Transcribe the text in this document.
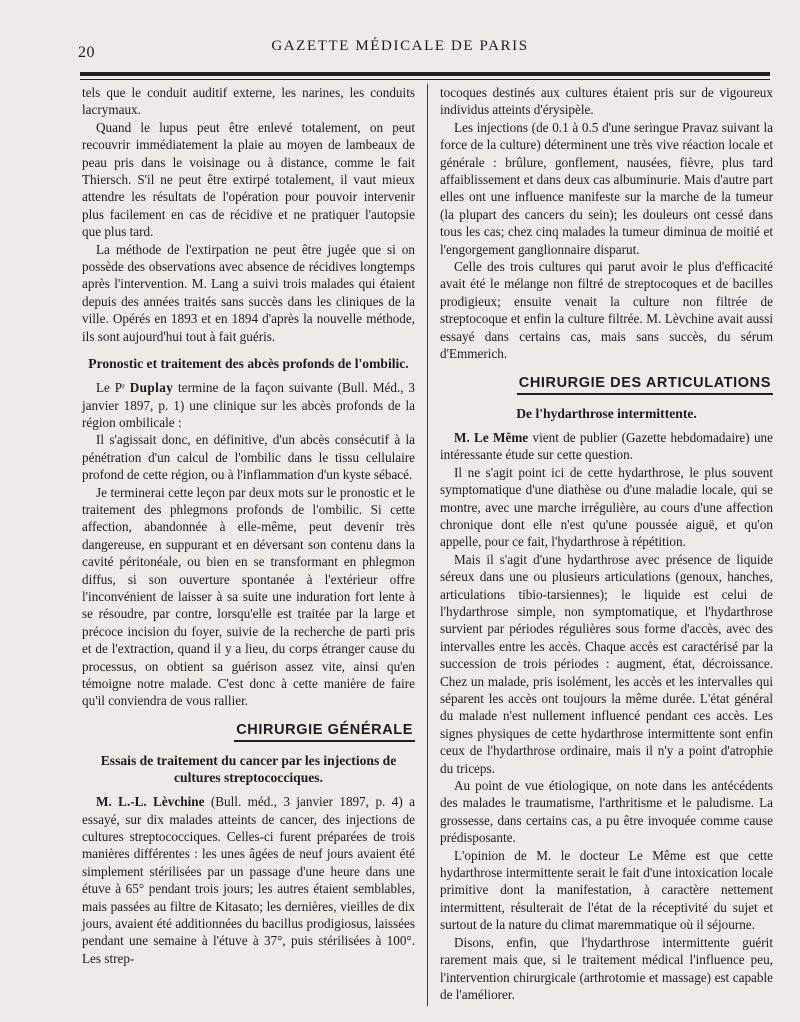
20	GAZETTE MÉDICALE DE PARIS

tels que le conduit auditif externe, les narines, les conduits lacrymaux.

Quand le lupus peut être enlevé totalement, on peut recouvrir immédiatement la plaie au moyen de lambeaux de peau pris dans le voisinage ou à distance, comme le fait Thiersch. S'il ne peut être extirpé totalement, il vaut mieux attendre les résultats de l'opération pour pouvoir intervenir plus facilement en cas de récidive et ne pratiquer l'autopsie que plus tard.

La méthode de l'extirpation ne peut être jugée que si on possède des observations avec absence de récidives longtemps après l'intervention. M. Lang a suivi trois malades qui étaient depuis des années traités sans succès dans les cliniques de la ville. Opérés en 1893 et en 1894 d'après la nouvelle méthode, ils sont aujourd'hui tout à fait guéris.

Pronostic et traitement des abcès profonds de l'ombilic.

Le Pʳ Duplay termine de la façon suivante (Bull. Méd., 3 janvier 1897, p. 1) une clinique sur les abcès profonds de la région ombilicale :

Il s'agissait donc, en définitive, d'un abcès consécutif à la pénétration d'un calcul de l'ombilic dans le tissu cellulaire profond de cette région, ou à l'inflammation d'un kyste sébacé.

Je terminerai cette leçon par deux mots sur le pronostic et le traitement des phlegmons profonds de l'ombilic. Si cette affection, abandonnée à elle-même, peut devenir très dangereuse, en suppurant et en déversant son contenu dans la cavité péritonéale, ou bien en se transformant en phlegmon diffus, si son ouverture spontanée à l'extérieur offre l'inconvénient de laisser à sa suite une induration fort lente à se résoudre, par contre, lorsqu'elle est traitée par la large et précoce incision du foyer, suivie de la recherche de parti pris et de l'extraction, quand il y a lieu, du corps étranger cause du processus, on obtient sa guérison assez vite, ainsi qu'en témoigne notre malade. C'est donc à cette manière de faire qu'il conviendra de vous rallier.

CHIRURGIE GÉNÉRALE
Essais de traitement du cancer par les injections de cultures streptococciques.

M. L.-L. Lèvchine (Bull. méd., 3 janvier 1897, p. 4) a essayé, sur dix malades atteints de cancer, des injections de cultures streptococciques. Celles-ci furent préparées de trois manières différentes : les unes âgées de neuf jours avaient été simplement stérilisées par un passage d'une heure dans une étuve à 65° pendant trois jours; les autres étaient semblables, mais passées au filtre de Kitasato; les dernières, vieilles de dix jours, avaient été additionnées du bacillus prodigiosus, laissées pendant une semaine à l'étuve à 37°, puis stérilisées à 100°. Les strep-

tocoques destinés aux cultures étaient pris sur de vigoureux individus atteints d'érysipèle.

Les injections (de 0.1 à 0.5 d'une seringue Pravaz suivant la force de la culture) déterminent une très vive réaction locale et générale : brûlure, gonflement, nausées, fièvre, plus tard affaiblissement et dans deux cas albuminurie. Mais d'autre part elles ont une influence manifeste sur la marche de la tumeur (la plupart des cancers du sein); les douleurs ont cessé dans tous les cas; chez cinq malades la tumeur diminua de moitié et l'engorgement ganglionnaire disparut.

Celle des trois cultures qui parut avoir le plus d'efficacité avait été le mélange non filtré de streptocoques et de bacilles prodigieux; ensuite venait la culture non filtrée de streptocoque et enfin la culture filtrée. M. Lèvchine avait aussi essayé dans certains cas, mais sans succès, du sérum d'Emmerich.

CHIRURGIE DES ARTICULATIONS
De l'hydarthrose intermittente.

M. Le Même vient de publier (Gazette hebdomadaire) une intéressante étude sur cette question.

Il ne s'agit point ici de cette hydarthrose, le plus souvent symptomatique d'une diathèse ou d'une maladie locale, qui se montre, avec une marche irrégulière, au cours d'une affection chronique dont elle n'est qu'une poussée aiguë, et qu'on appelle, pour ce fait, l'hydarthrose à répétition.

Mais il s'agit d'une hydarthrose avec présence de liquide séreux dans une ou plusieurs articulations (genoux, hanches, articulations tibio-tarsiennes); le liquide est celui de l'hydarthrose simple, non symptomatique, et l'hydarthrose survient par périodes régulières sous forme d'accès, avec des intervalles entre les accès. Chaque accès est caractérisé par la succession de trois périodes : augment, état, décroissance. Chez un malade, pris isolément, les accès et les intervalles qui séparent les accès ont toujours la même durée. L'état général du malade n'est nullement influencé pendant ces accès. Les signes physiques de cette hydarthrose intermittente sont enfin ceux de l'hydarthrose ordinaire, mais il n'y a point d'atrophie du triceps.

Au point de vue étiologique, on note dans les antécédents des malades le traumatisme, l'arthritisme et le paludisme. La grossesse, dans certains cas, a pu être invoquée comme cause prédisposante.

L'opinion de M. le docteur Le Même est que cette hydarthrose intermittente serait le fait d'une intoxication locale primitive dont la manifestation, à caractère nettement intermittent, résulterait de l'état de la réceptivité du sujet et surtout de la nature du climat maremmatique où il séjourne.

Disons, enfin, que l'hydarthrose intermittente guérit rarement mais que, si le traitement médical l'influence peu, l'intervention chirurgicale (arthrotomie et massage) est capable de l'améliorer.
